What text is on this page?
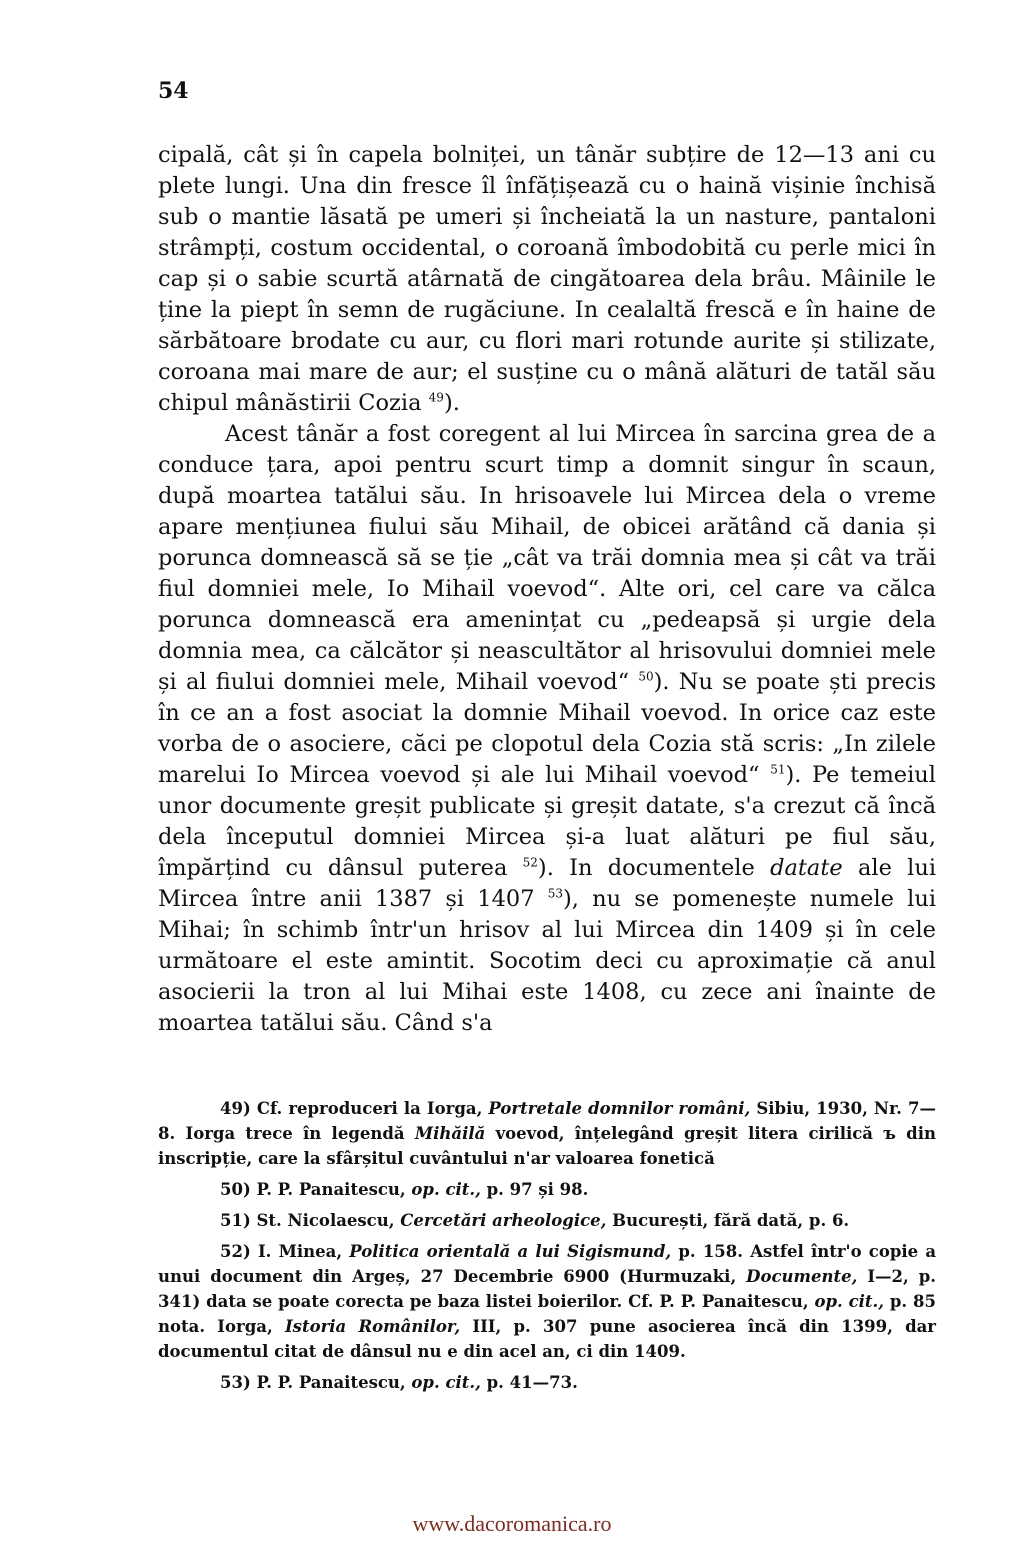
54

cipală, cât și în capela bolniței, un tânăr subțire de 12—13 ani cu plete lungi. Una din fresce îl înfățișează cu o haină vișinie închisă sub o mantie lăsată pe umeri și încheiată la un nasture, pantaloni strâmpți, costum occidental, o coroană îmbodobită cu perle mici în cap și o sabie scurtă atârnată de cingătoarea dela brâu. Mâinile le ține la piept în semn de rugăciune. In cealaltă frescă e în haine de sărbătoare brodate cu aur, cu flori mari rotunde aurite și stilizate, coroana mai mare de aur; el susține cu o mână alături de tatăl său chipul mânăstirii Cozia $^{49}$).

Acest tânăr a fost coregent al lui Mircea în sarcina grea de a conduce țara, apoi pentru scurt timp a domnit singur în scaun, după moartea tatălui său. In hrisoavele lui Mircea dela o vreme apare mențiunea fiului său Mihail, de obicei arătând că dania și porunca domnească să se ție „cât va trăi domnia mea și cât va trăi fiul domniei mele, Io Mihail voevod“. Alte ori, cel care va călca porunca domnească era amenințat cu „pedeapsă și urgie dela domnia mea, ca călcător și neascultător al hrisovului domniei mele și al fiului domniei mele, Mihail voevod“ $^{50}$). Nu se poate ști precis în ce an a fost asociat la domnie Mihail voevod. In orice caz este vorba de o asociere, căci pe clopotul dela Cozia stă scris: „In zilele marelui Io Mircea voevod și ale lui Mihail voevod“ $^{51}$). Pe temeiul unor documente greșit publicate și greșit datate, s'a crezut că încă dela începutul domniei Mircea și-a luat alături pe fiul său, împărțind cu dânsul puterea $^{52}$). In documentele datate ale lui Mircea între anii 1387 și 1407 $^{53}$), nu se pomenește numele lui Mihai; în schimb într'un hrisov al lui Mircea din 1409 și în cele următoare el este amintit. Socotim deci cu aproximație că anul asocierii la tron al lui Mihai este 1408, cu zece ani înainte de moartea tatălui său. Când s'a

49) Cf. reproduceri la Iorga, Portretale domnilor români, Sibiu, 1930, Nr. 7—8. Iorga trece în legendă Mihăilă voevod, înțelegând greșit litera cirilică ъ din inscripție, care la sfârșitul cuvântului n'ar valoarea fonetică

50) P. P. Panaitescu, op. cit., p. 97 și 98.

51) St. Nicolaescu, Cercetări arheologice, București, fără dată, p. 6.

52) I. Minea, Politica orientală a lui Sigismund, p. 158. Astfel într'o copie a unui document din Argeș, 27 Decembrie 6900 (Hurmuzaki, Documente, I—2, p. 341) data se poate corecta pe baza listei boierilor. Cf. P. P. Panaitescu, op. cit., p. 85 nota. Iorga, Istoria Românilor, III, p. 307 pune asocierea încă din 1399, dar documentul citat de dânsul nu e din acel an, ci din 1409.

53) P. P. Panaitescu, op. cit., p. 41—73.

www.dacoromanica.ro
